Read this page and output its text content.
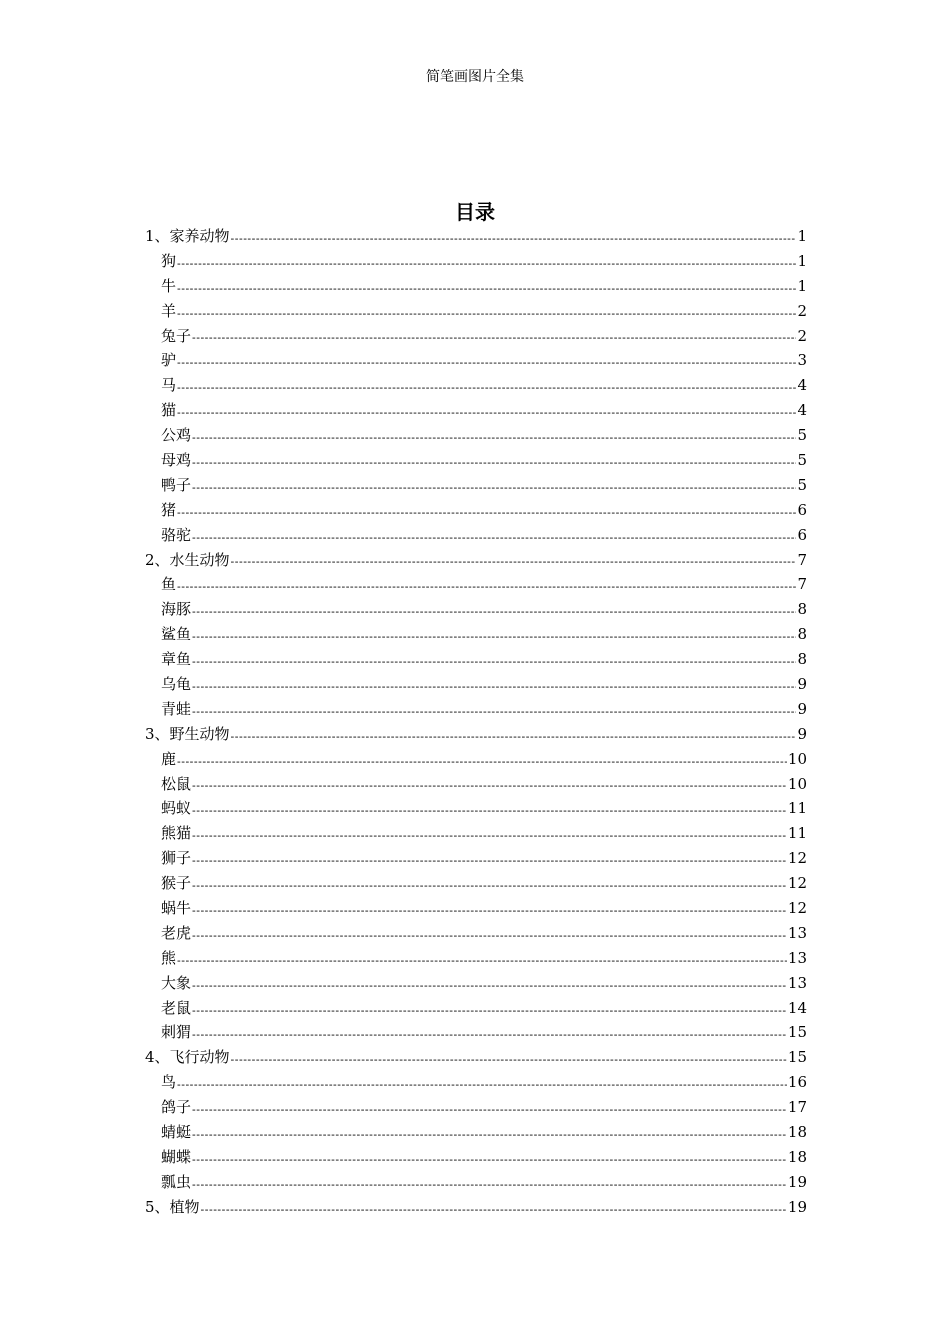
简笔画图片全集
目录
1、家养动物 -----	1
狗 -----	1
牛 -----	1
羊 -----	2
兔子 -----	2
驴 -----	3
马 -----	4
猫 -----	4
公鸡 -----	5
母鸡 -----	5
鸭子 -----	5
猪 -----	6
骆驼 -----	6
2、水生动物 -----	7
鱼 -----	7
海豚 -----	8
鲨鱼 -----	8
章鱼 -----	8
乌龟 -----	9
青蛙 -----	9
3、野生动物 -----	9
鹿 -----	10
松鼠 -----	10
蚂蚁 -----	11
熊猫 -----	11
狮子 -----	12
猴子 -----	12
蜗牛 -----	12
老虎 -----	13
熊 -----	13
大象 -----	13
老鼠 -----	14
刺猬 -----	15
4、飞行动物 -----	15
鸟 -----	16
鸽子 -----	17
蜻蜓 -----	18
蝴蝶 -----	18
瓢虫 -----	19
5、植物 -----	19
